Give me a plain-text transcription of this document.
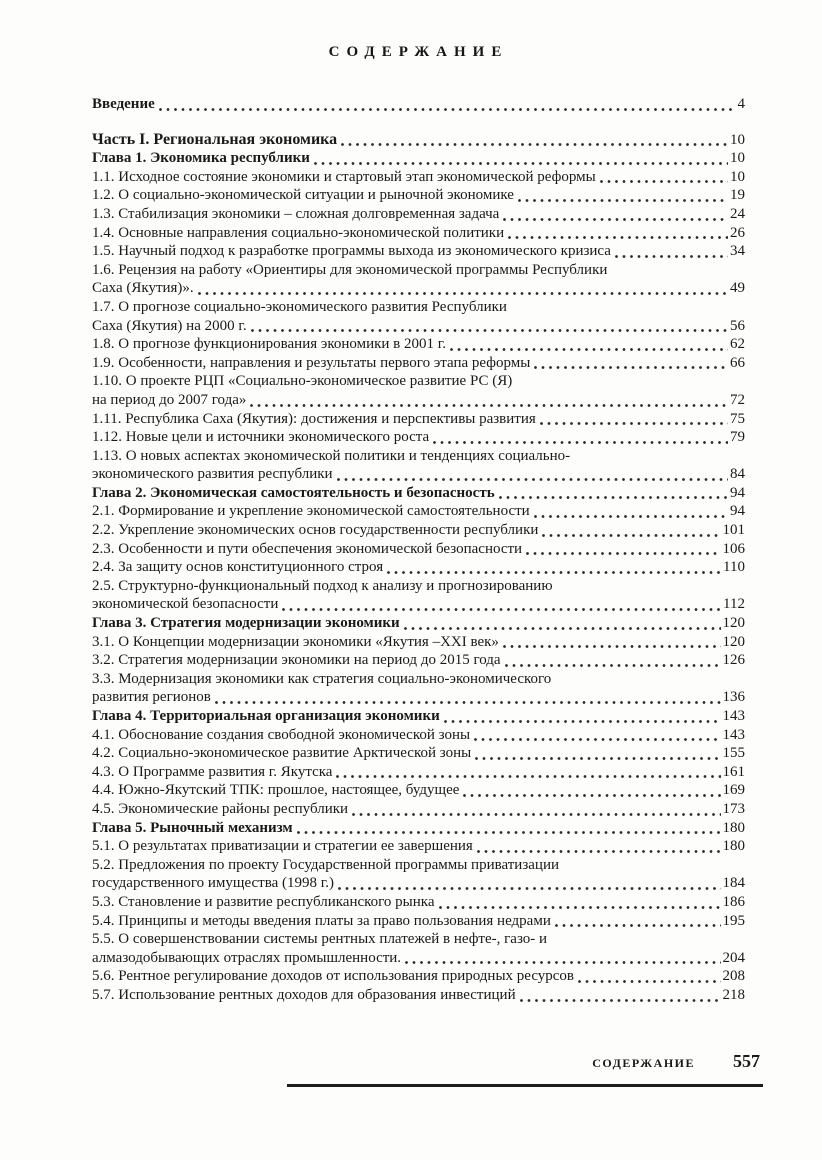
СОДЕРЖАНИЕ
Введение	4
Часть I. Региональная экономика	10
Глава 1. Экономика республики	10
1.1. Исходное состояние экономики и стартовый этап экономической реформы	10
1.2. О социально-экономической ситуации и рыночной экономике	19
1.3. Стабилизация экономики – сложная долговременная задача	24
1.4. Основные направления социально-экономической политики	26
1.5. Научный подход к разработке программы выхода из экономического кризиса	34
1.6. Рецензия на работу «Ориентиры для экономической программы Республики
Саха (Якутия)».	49
1.7. О прогнозе социально-экономического развития Республики
Саха (Якутия) на 2000 г.	56
1.8. О прогнозе функционирования экономики в 2001 г.	62
1.9. Особенности, направления и результаты первого этапа реформы	66
1.10. О проекте РЦП «Социально-экономическое развитие РС (Я)
на период до 2007 года»	72
1.11. Республика Саха (Якутия): достижения и перспективы развития	75
1.12. Новые цели и источники экономического роста	79
1.13. О новых аспектах экономической политики и тенденциях социально-
экономического развития республики	84
Глава 2. Экономическая самостоятельность и безопасность	94
2.1. Формирование и укрепление экономической самостоятельности	94
2.2. Укрепление экономических основ государственности республики	101
2.3. Особенности и пути обеспечения экономической безопасности	106
2.4. За защиту основ конституционного строя	110
2.5. Структурно-функциональный подход к анализу и прогнозированию
экономической безопасности	112
Глава 3. Стратегия модернизации экономики	120
3.1. О Концепции модернизации экономики «Якутия –XXI век»	120
3.2. Стратегия модернизации экономики на период до 2015 года	126
3.3. Модернизация экономики как стратегия социально-экономического
развития регионов	136
Глава 4. Территориальная организация экономики	143
4.1. Обоснование создания свободной экономической зоны	143
4.2. Социально-экономическое развитие Арктической зоны	155
4.3. О Программе развития г. Якутска	161
4.4. Южно-Якутский ТПК: прошлое, настоящее, будущее	169
4.5. Экономические районы республики	173
Глава 5. Рыночный механизм	180
5.1. О результатах приватизации и стратегии ее завершения	180
5.2. Предложения по проекту Государственной программы приватизации
государственного имущества (1998 г.)	184
5.3. Становление и развитие республиканского рынка	186
5.4. Принципы и методы введения платы за право пользования недрами	195
5.5. О совершенствовании системы рентных платежей в нефте-, газо- и
алмазодобывающих отраслях промышленности.	204
5.6. Рентное регулирование доходов от использования природных ресурсов	208
5.7. Использование рентных доходов для образования инвестиций	218
СОДЕРЖАНИЕ 557
